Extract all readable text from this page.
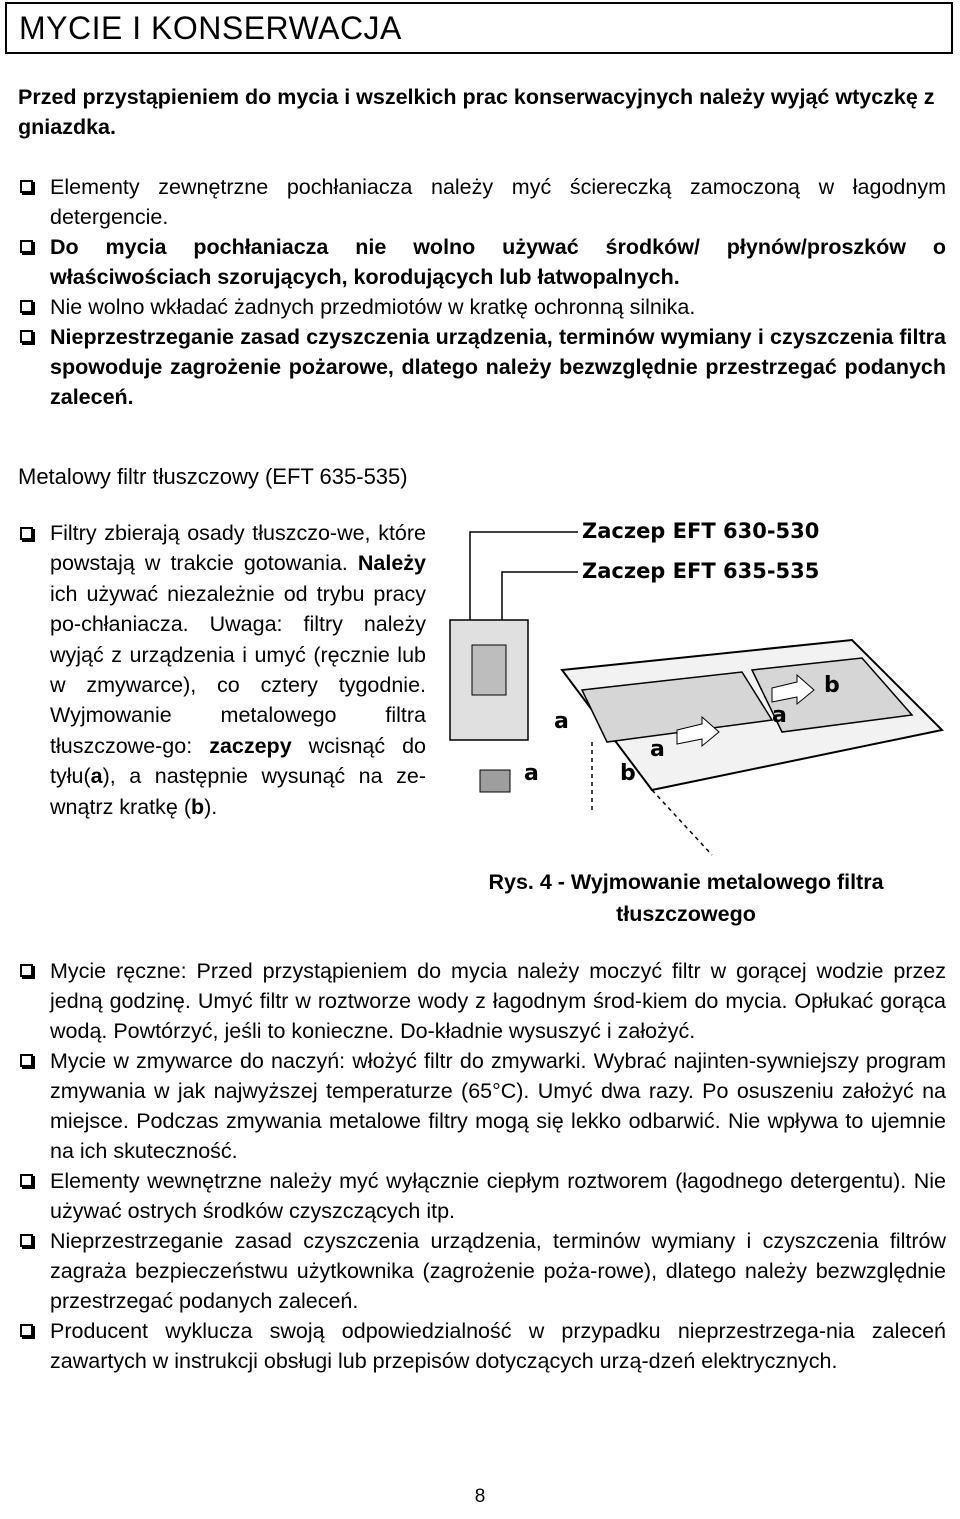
MYCIE I KONSERWACJA
Przed przystąpieniem do mycia i wszelkich prac konserwacyjnych należy wyjąć wtyczkę z gniazdka.
Elementy zewnętrzne pochłaniacza należy myć ściereczką zamoczoną w łagodnym detergencie.
Do mycia pochłaniacza nie wolno używać środków/ płynów/proszków o właściwościach szorujących, korodujących lub łatwopalnych.
Nie wolno wkładać żadnych przedmiotów w kratkę ochronną silnika.
Nieprzestrzeganie zasad czyszczenia urządzenia, terminów wymiany i czyszczenia filtra spowoduje zagrożenie pożarowe, dlatego należy bezwzględnie przestrzegać podanych zaleceń.
Metalowy filtr tłuszczowy (EFT 635-535)
Filtry zbierają osady tłuszczo-we, które powstają w trakcie gotowania. Należy ich używać niezależnie od trybu pracy po-chłaniacza. Uwaga: filtry należy wyjąć z urządzenia i umyć (ręcznie lub w zmywarce), co cztery tygodnie. Wyjmowanie metalowego filtra tłuszczowe-go: zaczepy wcisnąć do tyłu(a), a następnie wysunąć na ze-wnątrz kratkę (b).
Zaczep EFT 630-530
Zaczep EFT 635-535
a
a
a
a
b
b
Rys. 4 - Wyjmowanie metalowego filtra
tłuszczowego
Mycie ręczne: Przed przystąpieniem do mycia należy moczyć filtr w gorącej wodzie przez jedną godzinę. Umyć filtr w roztworze wody z łagodnym środ-kiem do mycia. Opłukać gorąca wodą. Powtórzyć, jeśli to konieczne. Do-kładnie wysuszyć i założyć.
Mycie w zmywarce do naczyń: włożyć filtr do zmywarki. Wybrać najinten-sywniejszy program zmywania w jak najwyższej temperaturze (65°C). Umyć dwa razy. Po osuszeniu założyć na miejsce. Podczas zmywania metalowe filtry mogą się lekko odbarwić. Nie wpływa to ujemnie na ich skuteczność.
Elementy wewnętrzne należy myć wyłącznie ciepłym roztworem (łagodnego detergentu). Nie używać ostrych środków czyszczących itp.
Nieprzestrzeganie zasad czyszczenia urządzenia, terminów wymiany i czyszczenia filtrów zagraża bezpieczeństwu użytkownika (zagrożenie poża-rowe), dlatego należy bezwzględnie przestrzegać podanych zaleceń.
Producent wyklucza swoją odpowiedzialność w przypadku nieprzestrzega-nia zaleceń zawartych w instrukcji obsługi lub przepisów dotyczących urzą-dzeń elektrycznych.
8
